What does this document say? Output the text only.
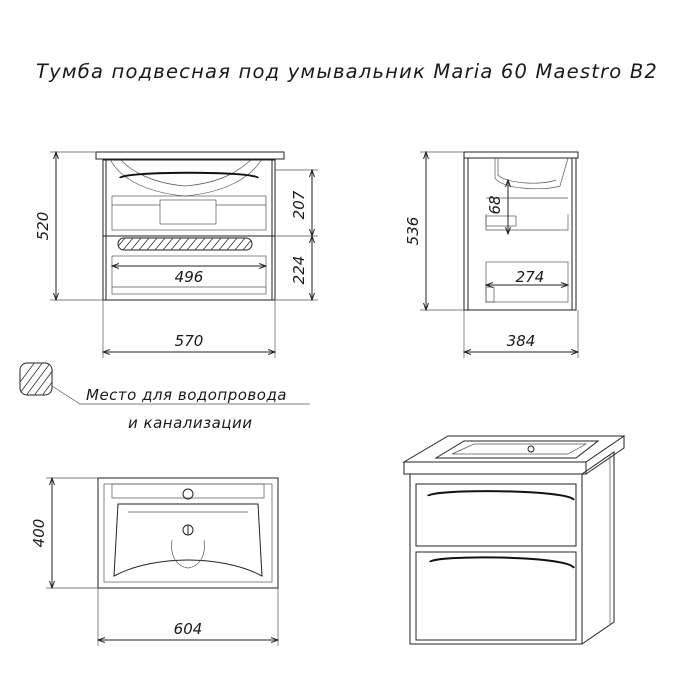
Тумба подвесная под умывальник Maria 60 Maestro B2
496
520
207
224
570
68
274
536
384
Место для водопровода
и канализации
400
604
